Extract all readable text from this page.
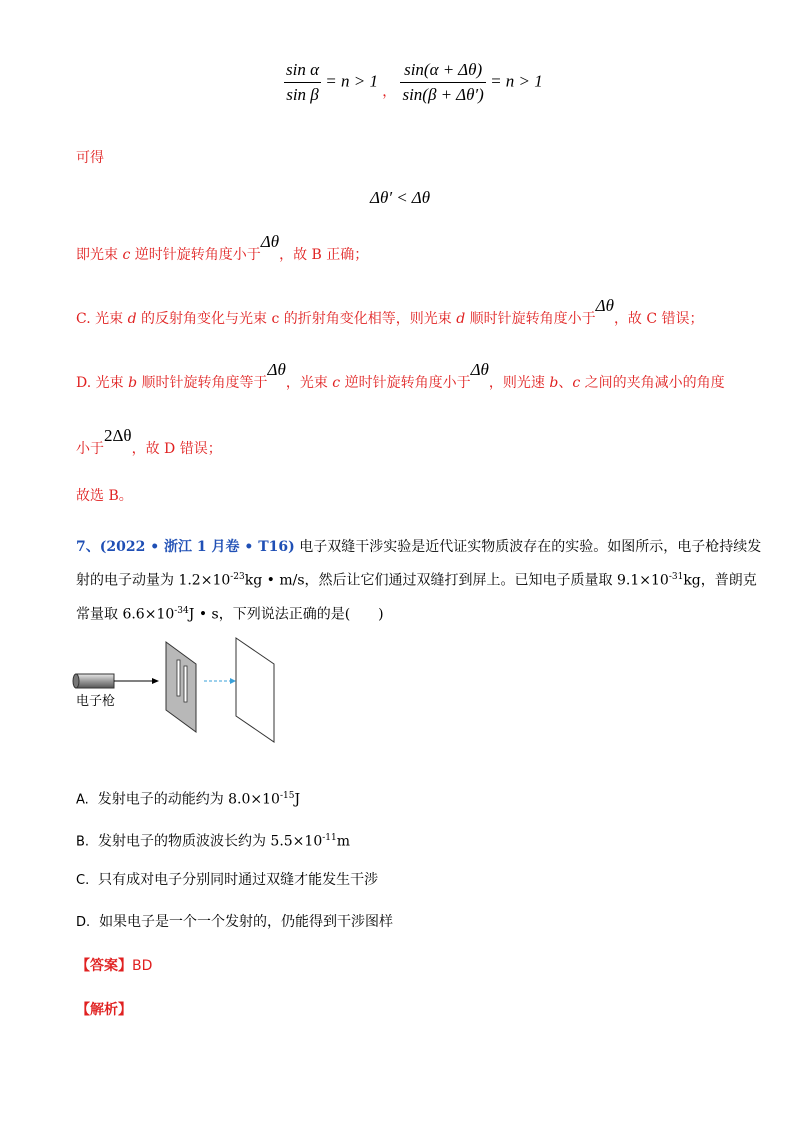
$\frac{\text{sin α}}{\text{sin β}} = n > 1$ $_, \frac{\sin(\alpha + \Delta\theta)}{\sin(\beta + \Delta\theta')} = n > 1$
可得
Δθ′ < Δθ
即光束 c 逆时针旋转角度小于Δθ，故 B 正确；
C. 光束 d 的反射角变化与光束 c 的折射角变化相等，则光束 d 顺时针旋转角度小于Δθ，故 C 错误；
D. 光束 b 顺时针旋转角度等于Δθ，光束 c 逆时针旋转角度小于Δθ，则光速 b、c 之间的夹角减小的角度
小于2Δθ，故 D 错误；
故选 B。
7、(2022 • 浙江 1 月卷 • T16) 电子双缝干涉实验是近代证实物质波存在的实验。如图所示，电子枪持续发
射的电子动量为 $1.2\times 10^{-23}kg$ • m/s，然后让它们通过双缝打到屏上。已知电子质量取 $9.1\times 10^{-31}kg$，普朗克
常量取 $6.6\times 10^{-34}J$ • s，下列说法正确的是(　　)
电子枪
A. 发射电子的动能约为 $8.0\times 10^{-15}J$
B. 发射电子的物质波波长约为 $5.5\times 10^{-11}m$
C. 只有成对电子分别同时通过双缝才能发生干涉
D. 如果电子是一个一个发射的，仍能得到干涉图样
【答案】BD
【解析】
